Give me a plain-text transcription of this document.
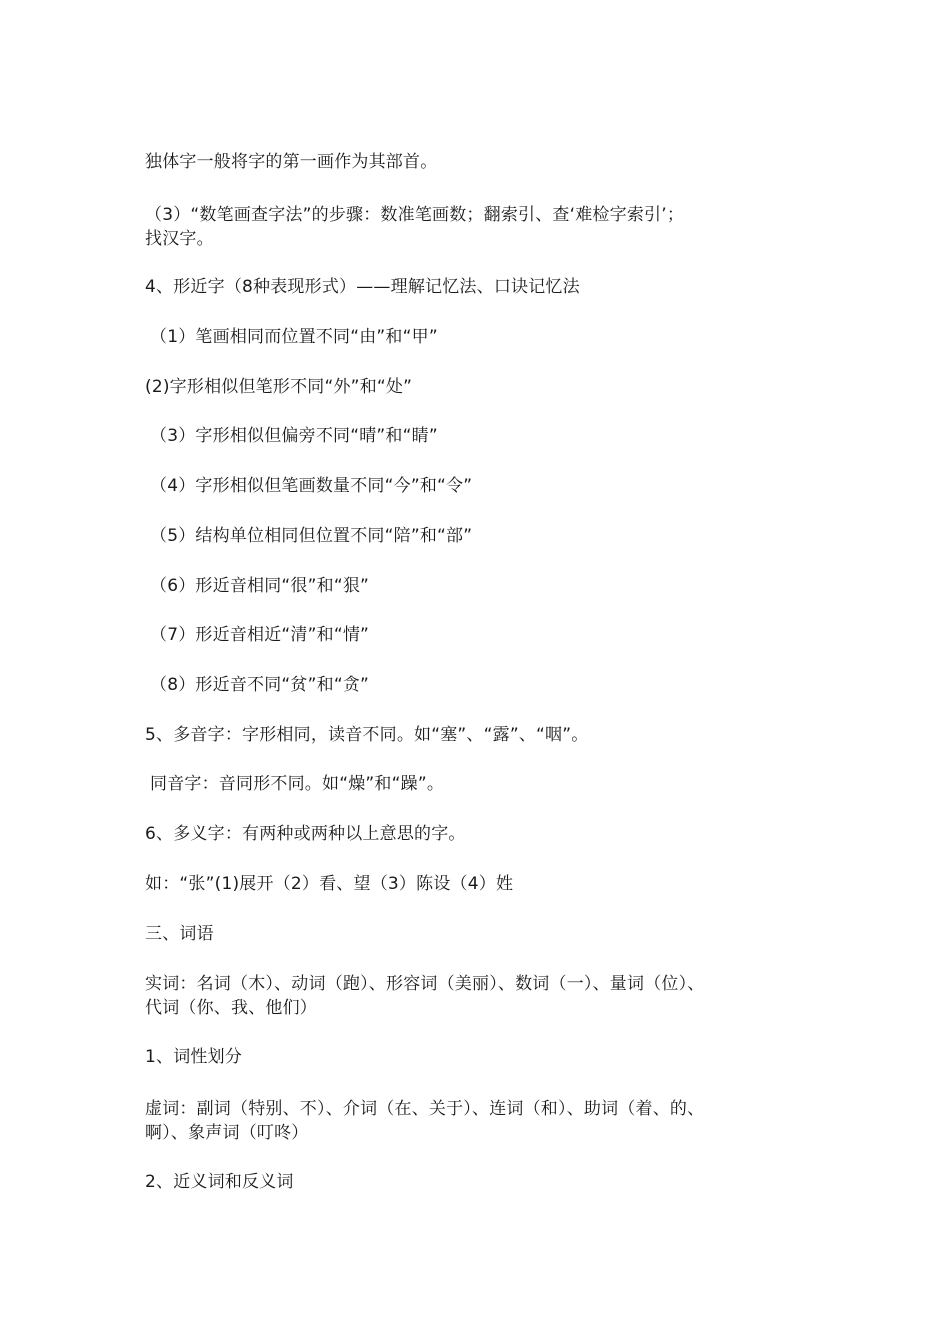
独体字一般将字的第一画作为其部首。
（3）“数笔画查字法”的步骤：数准笔画数；翻索引、查‘难检字索引’；
找汉字。
4、形近字（8种表现形式）——理解记忆法、口诀记忆法
（1）笔画相同而位置不同“由”和“甲”
(2)字形相似但笔形不同“外”和“处”
（3）字形相似但偏旁不同“晴”和“睛”
（4）字形相似但笔画数量不同“今”和“令”
（5）结构单位相同但位置不同“陪”和“部”
（6）形近音相同“很”和“狠”
（7）形近音相近“清”和“情”
（8）形近音不同“贫”和“贪”
5、多音字：字形相同，读音不同。如“塞”、“露”、“咽”。
同音字：音同形不同。如“燥”和“躁”。
6、多义字：有两种或两种以上意思的字。
如：“张”(1)展开（2）看、望（3）陈设（4）姓
三、词语
实词：名词（木）、动词（跑）、形容词（美丽）、数词（一）、量词（位）、
代词（你、我、他们）
1、词性划分
虚词：副词（特别、不）、介词（在、关于）、连词（和）、助词（着、的、
啊）、象声词（叮咚）
2、近义词和反义词
